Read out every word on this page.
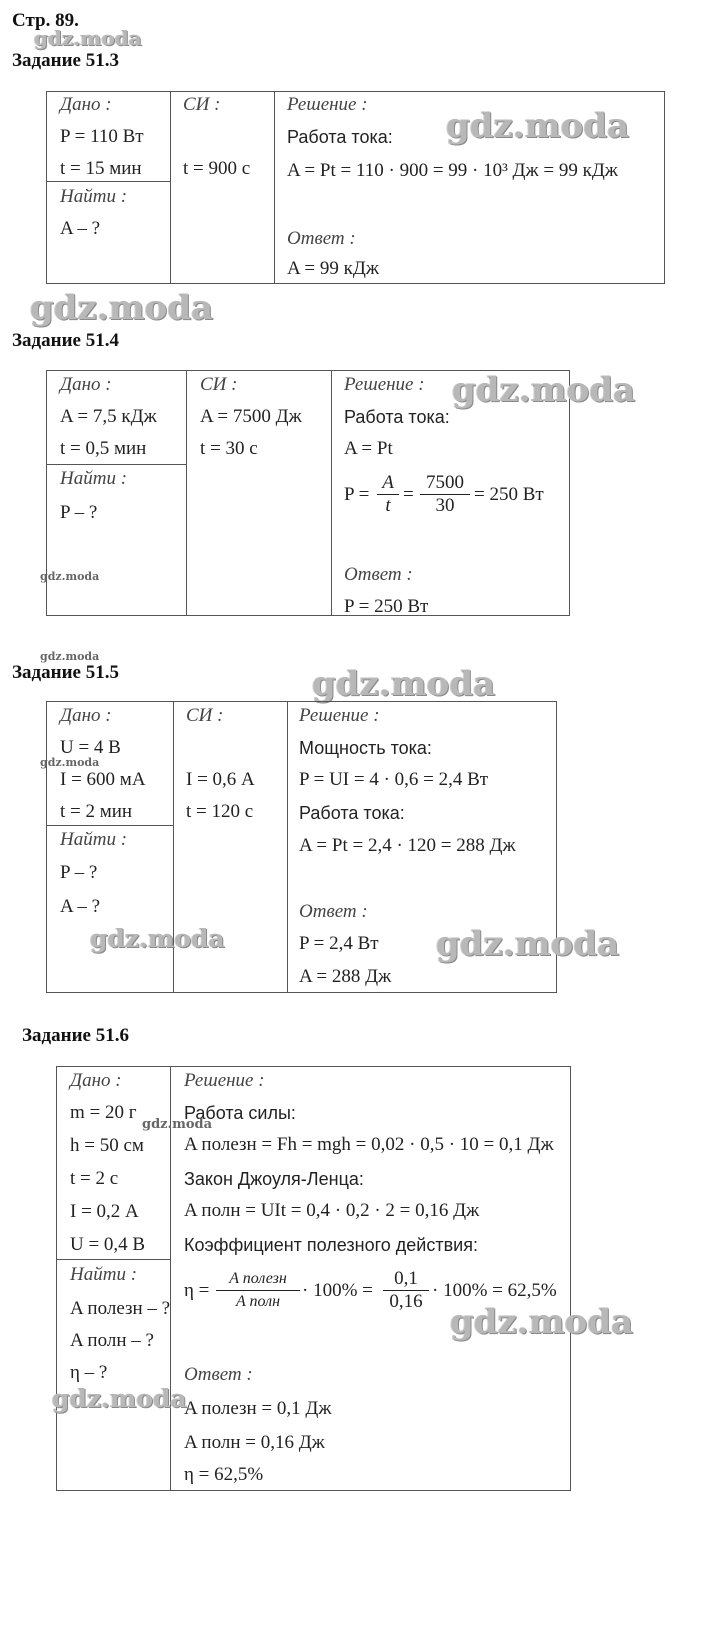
Стр. 89.
gdz.moda
Задание 51.3
Дано :
P = 110 Вт
t = 15 мин
Найти :
A – ?
СИ :
t = 900 с
Решение :
Работа тока:
A = Pt = 110 · 900 = 99 · 10³ Дж = 99 кДж
Ответ :
A = 99 кДж
gdz.moda
gdz.moda
Задание 51.4
Дано :
A = 7,5 кДж
t = 0,5 мин
Найти :
P – ?
СИ :
A = 7500 Дж
t = 30 с
Решение :
Работа тока:
A = Pt
$P = \frac{A}{t} = \frac{7500}{30} = 250$ Вт
Ответ :
P = 250 Вт
gdz.moda
gdz.moda
gdz.moda
Задание 51.5	gdz.moda
Дано :
U = 4 В
I = 600 мА
t = 2 мин
Найти :
P – ?
A – ?
СИ :
I = 0,6 А
t = 120 с
Решение :
Мощность тока:
P = UI = 4 · 0,6 = 2,4 Вт
Работа тока:
A = Pt = 2,4 · 120 = 288 Дж
Ответ :
P = 2,4 Вт
A = 288 Дж
gdz.moda
gdz.moda	gdz.moda
Задание 51.6
Дано :
m = 20 г
h = 50 см
t = 2 с
I = 0,2 А
U = 0,4 В
Найти :
A полезн – ?
A полн – ?
η – ?
Решение :
Работа силы:
A полезн = Fh = mgh = 0,02 · 0,5 · 10 = 0,1 Дж
Закон Джоуля-Ленца:
A полн = UIt = 0,4 · 0,2 · 2 = 0,16 Дж
Коэффициент полезного действия:
η =
A полезн
A полн
· $100\% = \frac{0,1}{0,16} \cdot 100\% = 62,5\%$
Ответ :
A полезн = 0,1 Дж
A полн = 0,16 Дж
η = 62,5%
gdz.moda
gdz.moda
gdz.moda
